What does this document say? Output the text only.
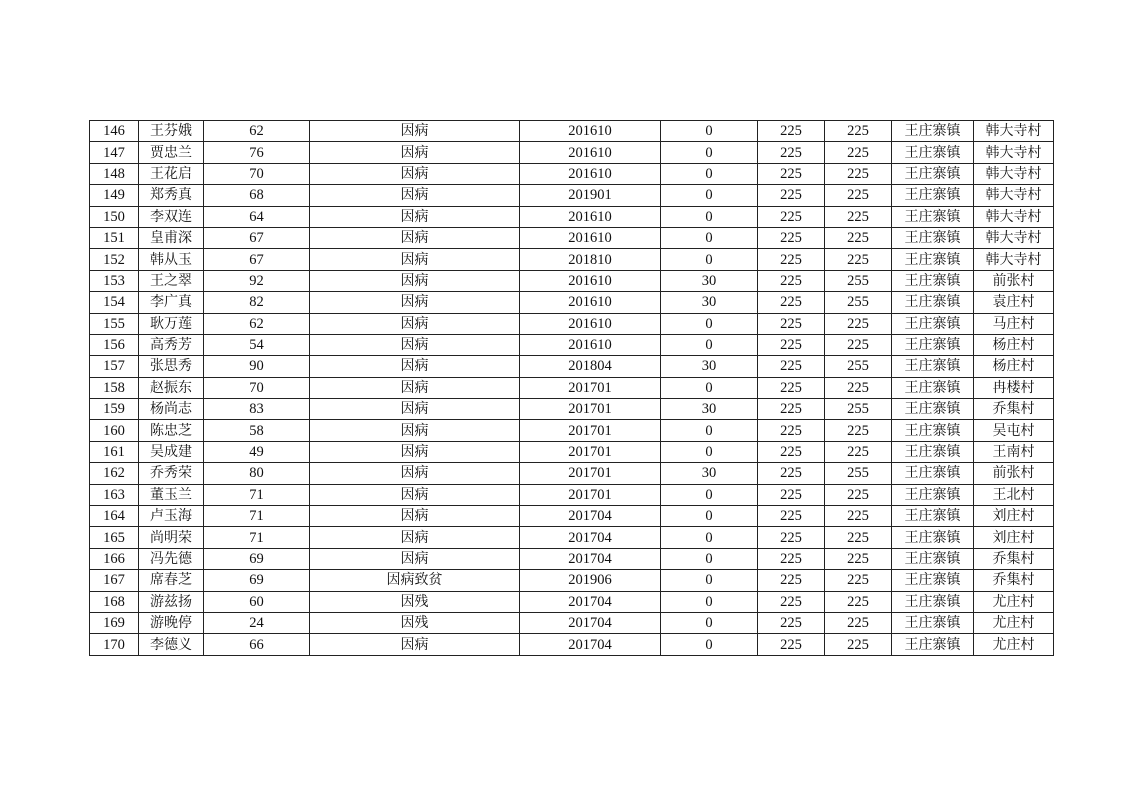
146	王芬娥	62	因病	201610	0	225	225	王庄寨镇	韩大寺村
147	贾忠兰	76	因病	201610	0	225	225	王庄寨镇	韩大寺村
148	王花启	70	因病	201610	0	225	225	王庄寨镇	韩大寺村
149	郑秀真	68	因病	201901	0	225	225	王庄寨镇	韩大寺村
150	李双连	64	因病	201610	0	225	225	王庄寨镇	韩大寺村
151	皇甫深	67	因病	201610	0	225	225	王庄寨镇	韩大寺村
152	韩从玉	67	因病	201810	0	225	225	王庄寨镇	韩大寺村
153	王之翠	92	因病	201610	30	225	255	王庄寨镇	前张村
154	李广真	82	因病	201610	30	225	255	王庄寨镇	袁庄村
155	耿万莲	62	因病	201610	0	225	225	王庄寨镇	马庄村
156	高秀芳	54	因病	201610	0	225	225	王庄寨镇	杨庄村
157	张思秀	90	因病	201804	30	225	255	王庄寨镇	杨庄村
158	赵振东	70	因病	201701	0	225	225	王庄寨镇	冉楼村
159	杨尚志	83	因病	201701	30	225	255	王庄寨镇	乔集村
160	陈忠芝	58	因病	201701	0	225	225	王庄寨镇	吴屯村
161	吴成建	49	因病	201701	0	225	225	王庄寨镇	王南村
162	乔秀荣	80	因病	201701	30	225	255	王庄寨镇	前张村
163	董玉兰	71	因病	201701	0	225	225	王庄寨镇	王北村
164	卢玉海	71	因病	201704	0	225	225	王庄寨镇	刘庄村
165	尚明荣	71	因病	201704	0	225	225	王庄寨镇	刘庄村
166	冯先德	69	因病	201704	0	225	225	王庄寨镇	乔集村
167	席春芝	69	因病致贫	201906	0	225	225	王庄寨镇	乔集村
168	游兹扬	60	因残	201704	0	225	225	王庄寨镇	尤庄村
169	游晚停	24	因残	201704	0	225	225	王庄寨镇	尤庄村
170	李德义	66	因病	201704	0	225	225	王庄寨镇	尤庄村
